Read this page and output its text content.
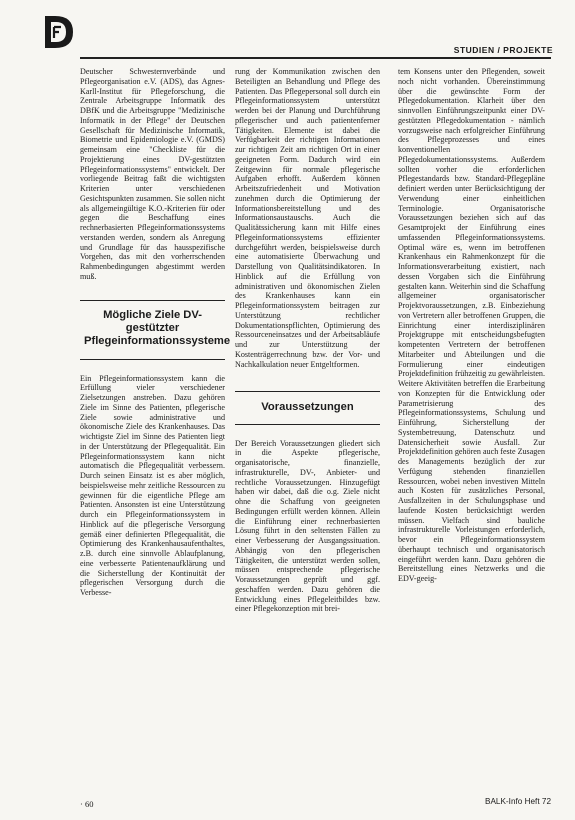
STUDIEN / PROJEKTE

Deutscher Schwesternverbände und Pflegeorganisation e.V. (ADS), das Agnes-Karll-Institut für Pflegeforschung, die Zentrale Arbeitsgruppe Informatik des DBfK und die Arbeitsgruppe "Medizinische Informatik in der Pflege" der Deutschen Gesellschaft für Medizinische Informatik, Biometrie und Epidemiologie e.V. (GMDS) gemeinsam eine "Checkliste für die Projektierung eines DV-gestützten Pflegeinformationssystems" entwickelt. Der vorliegende Beitrag faßt die wichtigsten Kriterien unter verschiedenen Gesichtspunkten zusammen. Sie sollen nicht als allgemeingültige K.O.-Kriterien für oder gegen die Beschaffung eines rechnerbasierten Pflegeinformationssystems verstanden werden, sondern als Anregung und Grundlage für das hausspezifische Vorgehen, das mit den vorherrschenden Rahmenbedingungen abgestimmt werden muß.

Mögliche Ziele DV-gestützter Pflegeinformationssysteme

Ein Pflegeinformationssystem kann die Erfüllung vieler verschiedener Zielsetzungen anstreben. Dazu gehören Ziele im Sinne des Patienten, pflegerische Ziele sowie administrative und ökonomische Ziele des Krankenhauses. Das wichtigste Ziel im Sinne des Patienten liegt in der Unterstützung der Pflegequalität. Ein Pflegeinformationssystem kann nicht automatisch die Pflegequalität verbessern. Durch seinen Einsatz ist es aber möglich, beispielsweise mehr zeitliche Ressourcen zu gewinnen für die eigentliche Pflege am Patienten. Ansonsten ist eine Unterstützung durch ein Pflegeinformationssystem in Hinblick auf die pflegerische Versorgung gemäß einer definierten Pflegequalität, die Optimierung des Krankenhausaufenthaltes, z.B. durch eine sinnvolle Ablaufplanung, eine verbesserte Patientenaufklärung und die Sicherstellung der Kontinuität der pflegerischen Versorgung durch die Verbesse-

rung der Kommunikation zwischen den Beteiligten an Behandlung und Pflege des Patienten. Das Pflegepersonal soll durch ein Pflegeinformationssystem unterstützt werden bei der Planung und Durchführung pflegerischer und auch patientenferner Tätigkeiten. Elemente ist dabei die Verfügbarkeit der richtigen Informationen zur richtigen Zeit am richtigen Ort in einer geeigneten Form. Dadurch wird ein Zeitgewinn für normale pflegerische Aufgaben erhofft. Außerdem können Arbeitszufriedenheit und Motivation zunehmen durch die Optimierung der Informationsbereitstellung und des Informationsaustauschs. Auch die Qualitätssicherung kann mit Hilfe eines Pflegeinformationssystems effizienter durchgeführt werden, beispielsweise durch eine automatisierte Überwachung und Darstellung von Qualitätsindikatoren. In Hinblick auf die Erfüllung von administrativen und ökonomischen Zielen des Krankenhauses kann ein Pflegeinformationssystem beitragen zur Unterstützung rechtlicher Dokumentationspflichten, Optimierung des Ressourceneinsatzes und der Arbeitsabläufe und zur Unterstützung der Kostenträgerrechnung bzw. der Vor- und Nachkalkulation neuer Entgeltformen.

Voraussetzungen

Der Bereich Voraussetzungen gliedert sich in die Aspekte pflegerische, organisatorische, finanzielle, infrastrukturelle, DV-, Anbieter- und rechtliche Voraussetzungen. Hinzugefügt haben wir dabei, daß die o.g. Ziele nicht ohne die Schaffung von geeigneten Bedingungen erfüllt werden können. Allein die Einführung einer rechnerbasierten Lösung führt in den seltensten Fällen zu einer Verbesserung der Ausgangssituation. Abhängig von den pflegerischen Tätigkeiten, die unterstützt werden sollen, müssen entsprechende pflegerische Voraussetzungen geprüft und ggf. geschaffen werden. Dazu gehören die Entwicklung eines Pflegeleitbildes bzw. einer Pflegekonzeption mit brei-

tem Konsens unter den Pflegenden, soweit noch nicht vorhanden. Übereinstimmung über die gewünschte Form der Pflegedokumentation. Klarheit über den sinnvollen Einführungszeitpunkt einer DV-gestützten Pflegedokumentation - nämlich vorzugsweise nach erfolgreicher Einführung des Pflegeprozesses und eines konventionellen Pflegedokumentationssystems. Außerdem sollten vorher die erforderlichen Pflegestandards bzw. Standard-Pflegepläne definiert werden unter Berücksichtigung der Verwendung einer einheitlichen Terminologie. Organisatorische Voraussetzungen beziehen sich auf das Gesamtprojekt der Einführung eines umfassenden Pflegeinformationssystems. Optimal wäre es, wenn im betroffenen Krankenhaus ein Rahmenkonzept für die Informationsverarbeitung existiert, nach dessen Vorgaben sich die Einführung gestalten kann. Weiterhin sind die Schaffung allgemeiner organisatorischer Projektvoraussetzungen, z.B. Einbeziehung von Vertretern aller betroffenen Gruppen, die Einrichtung einer interdisziplinären Projektgruppe mit entscheidungsbefugten kompetenten Vertretern der betroffenen Mitarbeiter und Abteilungen und die Formulierung einer eindeutigen Projektdefinition frühzeitig zu gewährleisten. Weitere Aktivitäten betreffen die Erarbeitung von Konzepten für die Entwicklung oder Parametrisierung des Pflegeinformationssystems, Schulung und Einführung, Sicherstellung der Systembetreuung, Datenschutz und Datensicherheit sowie Ausfall. Zur Projektdefinition gehören auch feste Zusagen des Managements bezüglich der zur Verfügung stehenden finanziellen Ressourcen, wobei neben investiven Mitteln auch Kosten für zusätzliches Personal, Ausfallzeiten in der Schulungsphase und laufende Kosten berücksichtigt werden müssen. Vielfach sind bauliche infrastrukturelle Vorleistungen erforderlich, bevor ein Pflegeinformationssystem überhaupt technisch und organisatorisch eingeführt werden kann. Dazu gehören die Bereitstellung eines Netzwerks und die EDV-geeig-

· 60	BALK-Info Heft 72
